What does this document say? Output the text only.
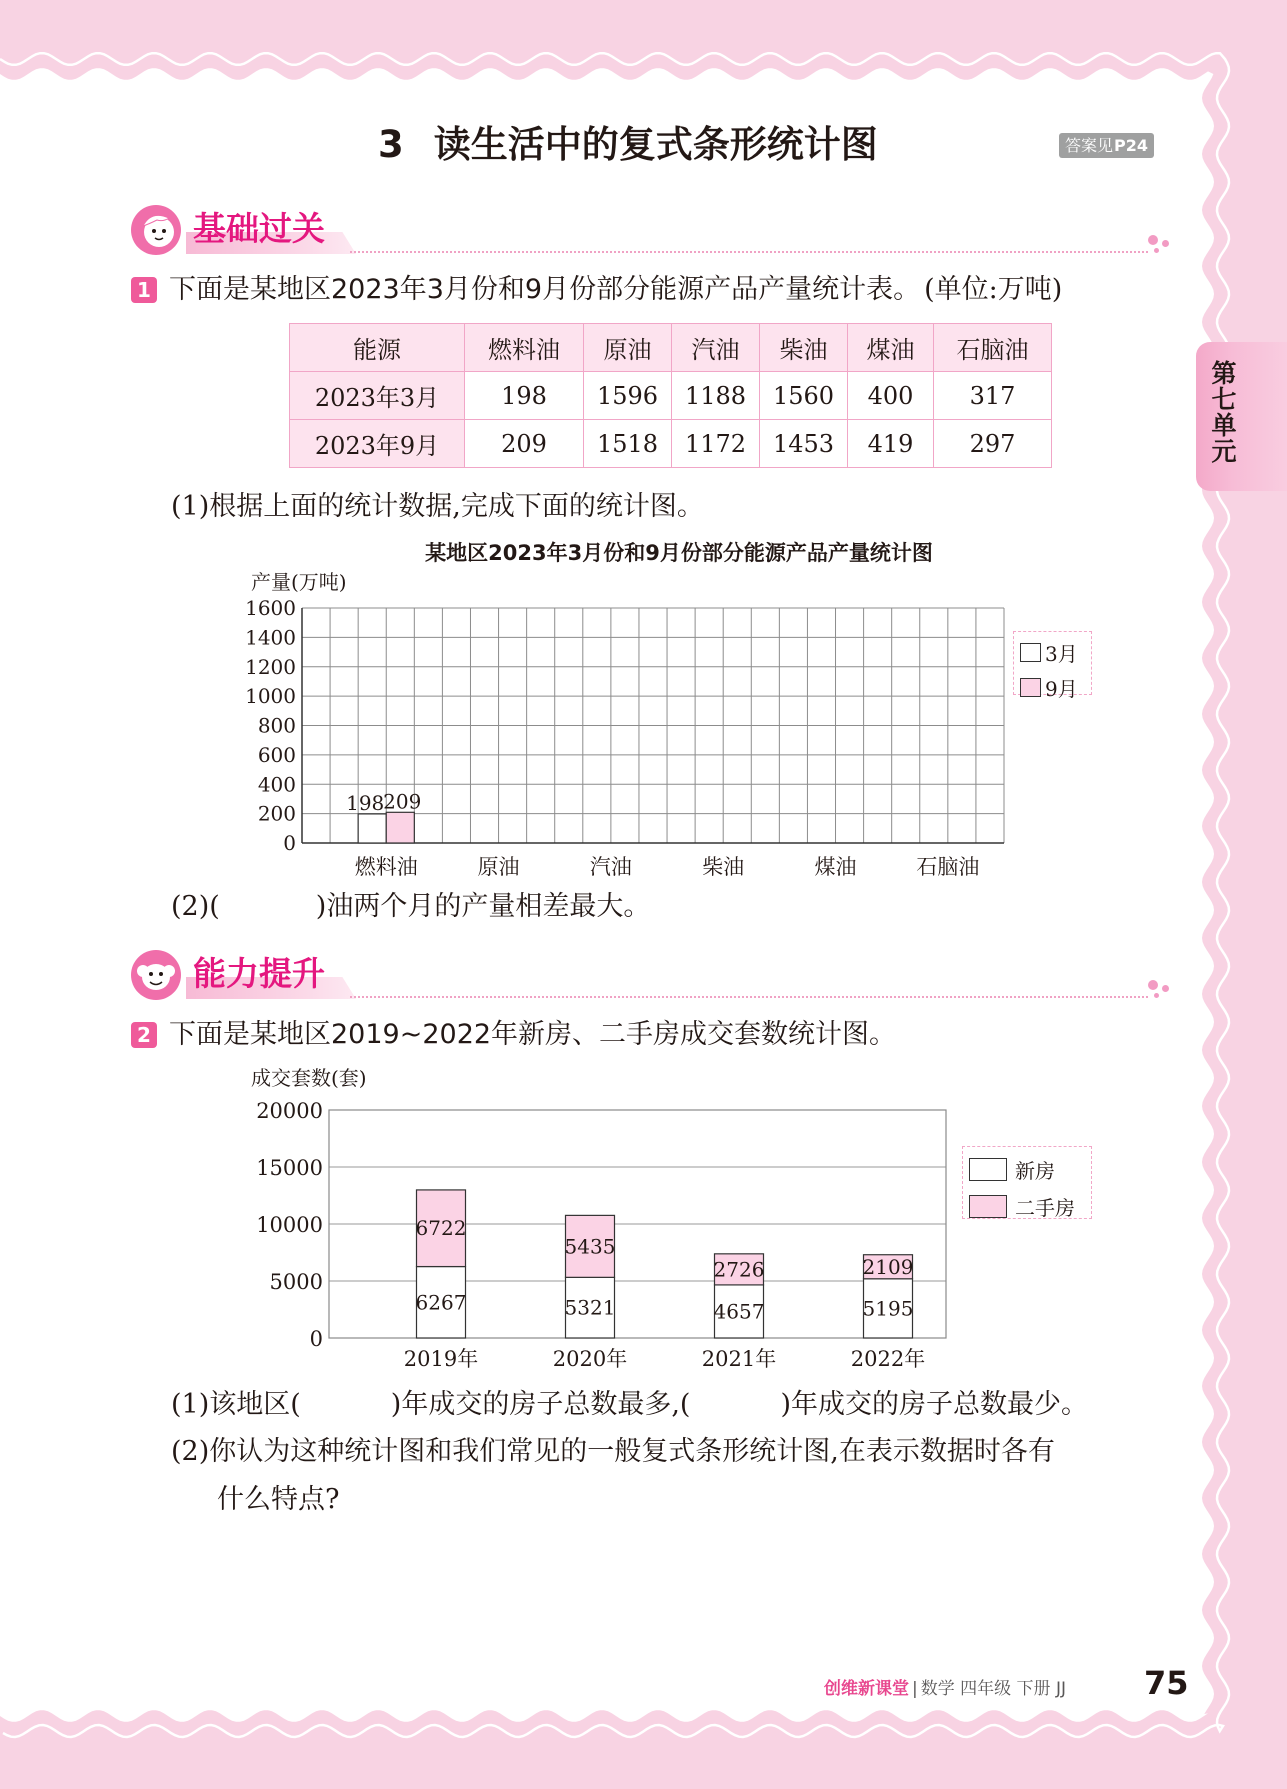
第七单元
3 读生活中的复式条形统计图	答案见P24
基础过关
1 下面是某地区2023年3月份和9月份部分能源产品产量统计表。 (单位:万吨)
能源	燃料油	原油	汽油	柴油	煤油	石脑油
2023年3月	198	1596	1188	1560	400	317
2023年9月	209	1518	1172	1453	419	297
(1)根据上面的统计数据,完成下面的统计图。
某地区2023年3月份和9月份部分能源产品产量统计图
产量(万吨)
0
200
400
600
800
1000
1200
1400
1600
燃料油	原油	汽油	柴油	煤油	石脑油
198
209
3月
9月
(2)(	)油两个月的产量相差最大。
能力提升
2 下面是某地区2019~2022年新房、二手房成交套数统计图。
成交套数(套)
0
5000
10000
15000
20000
6267
6722
2019年
5321
5435
2020年
4657
2726
2021年
5195
2109
2022年
新房
二手房
(1)该地区(	)年成交的房子总数最多,(	)年成交的房子总数最少。
(2)你认为这种统计图和我们常见的一般复式条形统计图,在表示数据时各有
什么特点?
创维新课堂 | 数学 四年级 下册 JJ 75
